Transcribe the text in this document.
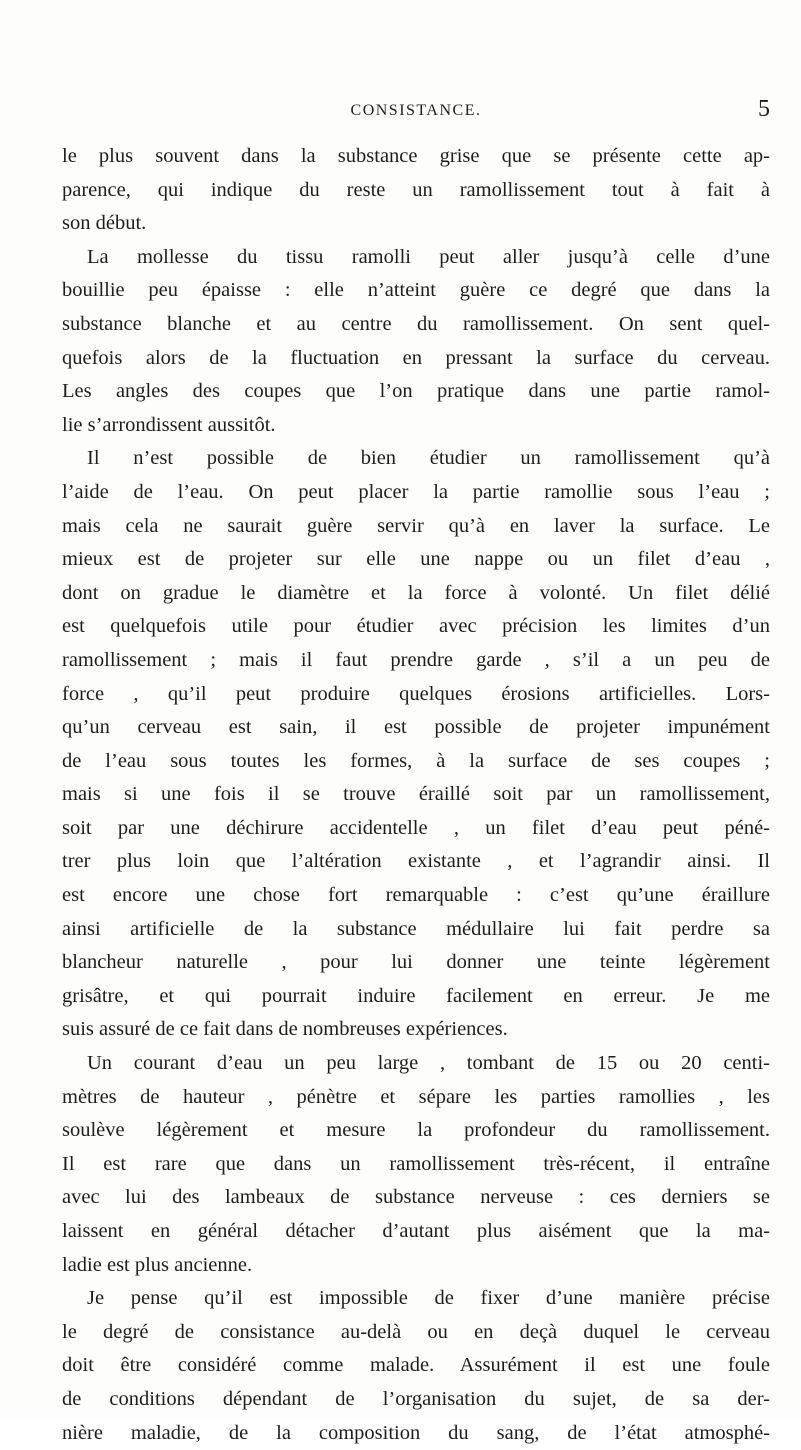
CONSISTANCE.	5
le plus souvent dans la substance grise que se présente cette ap-
parence, qui indique du reste un ramollissement tout à fait à
son début.
La mollesse du tissu ramolli peut aller jusqu’à celle d’une
bouillie peu épaisse : elle n’atteint guère ce degré que dans la
substance blanche et au centre du ramollissement. On sent quel-
quefois alors de la fluctuation en pressant la surface du cerveau.
Les angles des coupes que l’on pratique dans une partie ramol-
lie s’arrondissent aussitôt.
Il n’est possible de bien étudier un ramollissement qu’à
l’aide de l’eau. On peut placer la partie ramollie sous l’eau ;
mais cela ne saurait guère servir qu’à en laver la surface. Le
mieux est de projeter sur elle une nappe ou un filet d’eau ,
dont on gradue le diamètre et la force à volonté. Un filet délié
est quelquefois utile pour étudier avec précision les limites d’un
ramollissement ; mais il faut prendre garde , s’il a un peu de
force , qu’il peut produire quelques érosions artificielles. Lors-
qu’un cerveau est sain, il est possible de projeter impunément
de l’eau sous toutes les formes, à la surface de ses coupes ;
mais si une fois il se trouve éraillé soit par un ramollissement,
soit par une déchirure accidentelle , un filet d’eau peut péné-
trer plus loin que l’altération existante , et l’agrandir ainsi. Il
est encore une chose fort remarquable : c’est qu’une éraillure
ainsi artificielle de la substance médullaire lui fait perdre sa
blancheur naturelle , pour lui donner une teinte légèrement
grisâtre, et qui pourrait induire facilement en erreur. Je me
suis assuré de ce fait dans de nombreuses expériences.
Un courant d’eau un peu large , tombant de 15 ou 20 centi-
mètres de hauteur , pénètre et sépare les parties ramollies , les
soulève légèrement et mesure la profondeur du ramollissement.
Il est rare que dans un ramollissement très-récent, il entraîne
avec lui des lambeaux de substance nerveuse : ces derniers se
laissent en général détacher d’autant plus aisément que la ma-
ladie est plus ancienne.
Je pense qu’il est impossible de fixer d’une manière précise
le degré de consistance au-delà ou en deçà duquel le cerveau
doit être considéré comme malade. Assurément il est une foule
de conditions dépendant de l’organisation du sujet, de sa der-
nière maladie, de la composition du sang, de l’état atmosphé-
